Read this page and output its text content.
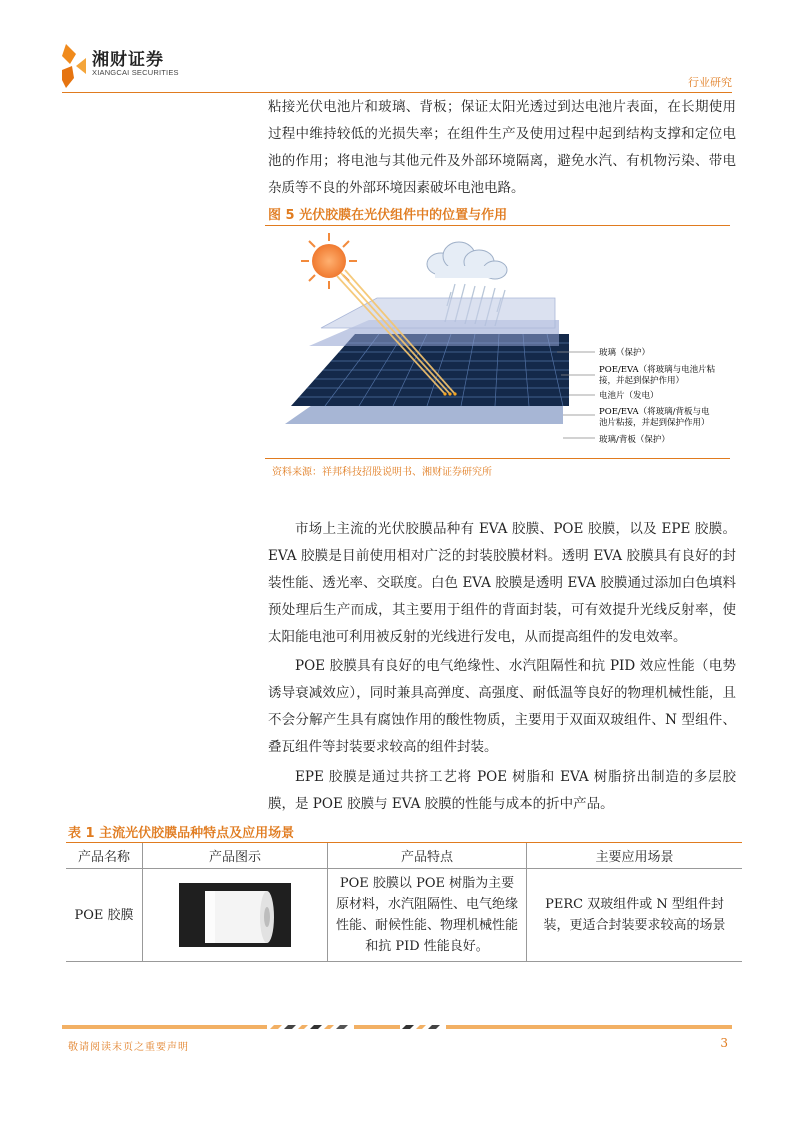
湘财证券
XIANGCAI SECURITIES
行业研究
粘接光伏电池片和玻璃、背板；保证太阳光透过到达电池片表面，在长期使用过程中维持较低的光损失率；在组件生产及使用过程中起到结构支撑和定位电池的作用；将电池与其他元件及外部环境隔离，避免水汽、有机物污染、带电杂质等不良的外部环境因素破坏电池电路。
图 5 光伏胶膜在光伏组件中的位置与作用
玻璃（保护）
POE/EVA（将玻璃与电池片粘
接，并起到保护作用）
电池片（发电）
POE/EVA（将玻璃/背板与电
池片粘接，并起到保护作用）
玻璃/背板（保护）
资料来源：祥邦科技招股说明书、湘财证券研究所
市场上主流的光伏胶膜品种有 EVA 胶膜、POE 胶膜，以及 EPE 胶膜。EVA 胶膜是目前使用相对广泛的封装胶膜材料。透明 EVA 胶膜具有良好的封装性能、透光率、交联度。白色 EVA 胶膜是透明 EVA 胶膜通过添加白色填料预处理后生产而成，其主要用于组件的背面封装，可有效提升光线反射率，使太阳能电池可利用被反射的光线进行发电，从而提高组件的发电效率。
POE 胶膜具有良好的电气绝缘性、水汽阻隔性和抗 PID 效应性能（电势诱导衰减效应），同时兼具高弹度、高强度、耐低温等良好的物理机械性能，且不会分解产生具有腐蚀作用的酸性物质，主要用于双面双玻组件、N 型组件、叠瓦组件等封装要求较高的组件封装。
EPE 胶膜是通过共挤工艺将 POE 树脂和 EVA 树脂挤出制造的多层胶膜，是 POE 胶膜与 EVA 胶膜的性能与成本的折中产品。
表 1 主流光伏胶膜品种特点及应用场景
产品名称	产品图示	产品特点	主要应用场景
POE 胶膜		POE 胶膜以 POE 树脂为主要原材料，水汽阻隔性、电气绝缘性能、耐候性能、物理机械性能和抗 PID 性能良好。	PERC 双玻组件或 N 型组件封装，更适合封装要求较高的场景
敬请阅读末页之重要声明	3
